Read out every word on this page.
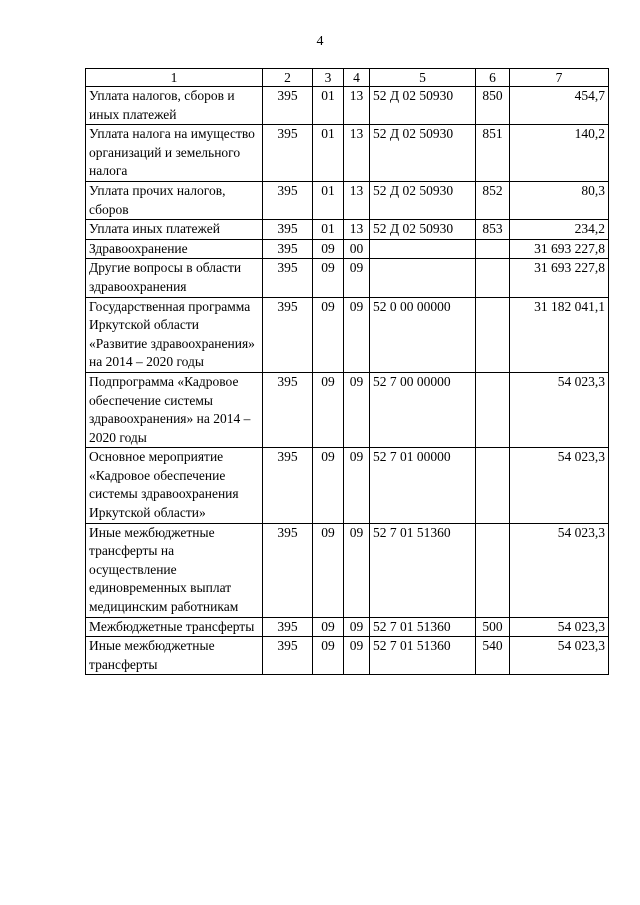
4
1	2	3	4	5	6	7
Уплата налогов, сборов и иных платежей	395	01	13	52 Д 02 50930	850	454,7
Уплата налога на имущество организаций и земельного налога	395	01	13	52 Д 02 50930	851	140,2
Уплата прочих налогов, сборов	395	01	13	52 Д 02 50930	852	80,3
Уплата иных платежей	395	01	13	52 Д 02 50930	853	234,2
Здравоохранение	395	09	00			31 693 227,8
Другие вопросы в области здравоохранения	395	09	09			31 693 227,8
Государственная программа Иркутской области «Развитие здравоохранения» на 2014 – 2020 годы	395	09	09	52 0 00 00000		31 182 041,1
Подпрограмма «Кадровое обеспечение системы здравоохранения» на 2014 – 2020 годы	395	09	09	52 7 00 00000		54 023,3
Основное мероприятие «Кадровое обеспечение системы здравоохранения Иркутской области»	395	09	09	52 7 01 00000		54 023,3
Иные межбюджетные трансферты на осуществление единовременных выплат медицинским работникам	395	09	09	52 7 01 51360		54 023,3
Межбюджетные трансферты	395	09	09	52 7 01 51360	500	54 023,3
Иные межбюджетные трансферты	395	09	09	52 7 01 51360	540	54 023,3
